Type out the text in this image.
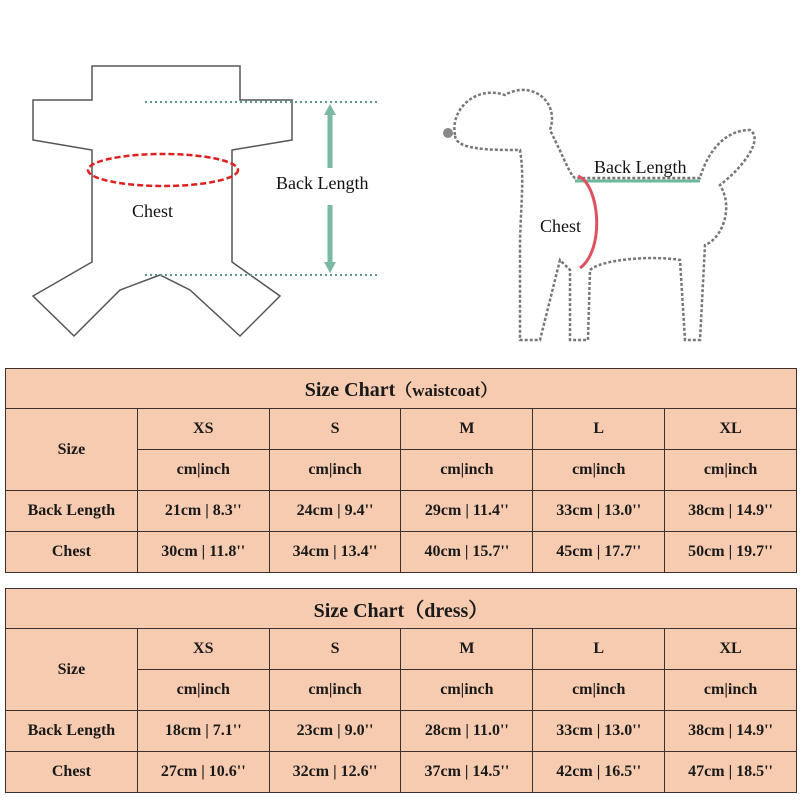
Chest
Back Length
Chest
Back Length
Size Chart（waistcoat）					
Size	XS	S	M	L	XL
	cm|inch	cm|inch	cm|inch	cm|inch	cm|inch
Back Length	21cm | 8.3''	24cm | 9.4''	29cm | 11.4''	33cm | 13.0''	38cm | 14.9''
Chest	30cm | 11.8''	34cm | 13.4''	40cm | 15.7''	45cm | 17.7''	50cm | 19.7''
Size Chart（dress）					
Size	XS	S	M	L	XL
	cm|inch	cm|inch	cm|inch	cm|inch	cm|inch
Back Length	18cm | 7.1''	23cm | 9.0''	28cm | 11.0''	33cm | 13.0''	38cm | 14.9''
Chest	27cm | 10.6''	32cm | 12.6''	37cm | 14.5''	42cm | 16.5''	47cm | 18.5''
